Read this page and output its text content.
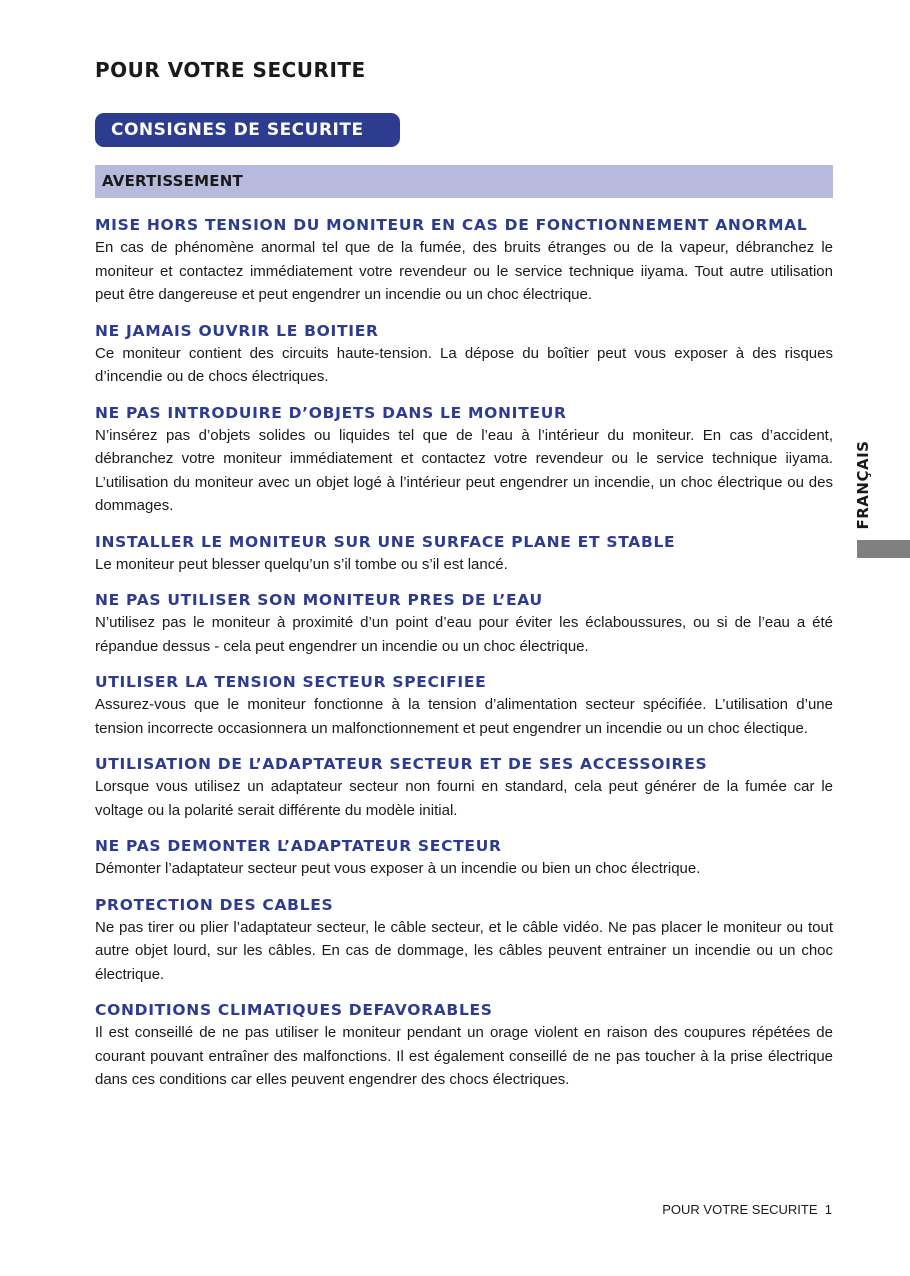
POUR VOTRE SECURITE
CONSIGNES DE SECURITE
AVERTISSEMENT
MISE HORS TENSION DU MONITEUR EN CAS DE FONCTIONNEMENT ANORMAL

En cas de phénomène anormal tel que de la fumée, des bruits étranges ou de la vapeur, débranchez le moniteur et contactez immédiatement votre revendeur ou le service technique iiyama. Tout autre utilisation peut être dangereuse et peut engendrer un incendie ou un choc électrique.

NE JAMAIS OUVRIR LE BOITIER

Ce moniteur contient des circuits haute-tension. La dépose du boîtier peut vous exposer à des risques d’incendie ou de chocs électriques.

NE PAS INTRODUIRE D’OBJETS DANS LE MONITEUR

N’insérez pas d’objets solides ou liquides tel que de l’eau à l’intérieur du moniteur. En cas d’accident, débranchez votre moniteur immédiatement et contactez votre revendeur ou le service technique iiyama. L’utilisation du moniteur avec un objet logé à l’intérieur peut engendrer un incendie, un choc électrique ou des dommages.

INSTALLER LE MONITEUR SUR UNE SURFACE PLANE ET STABLE

Le moniteur peut blesser quelqu’un s’il tombe ou s’il est lancé.

NE PAS UTILISER SON MONITEUR PRES DE L’EAU

N’utilisez pas le moniteur à proximité d’un point d’eau pour éviter les éclaboussures, ou si de l’eau a été répandue dessus - cela peut engendrer un incendie ou un choc électrique.

UTILISER LA TENSION SECTEUR SPECIFIEE

Assurez-vous que le moniteur fonctionne à la tension d’alimentation secteur spécifiée. L’utilisation d’une tension incorrecte occasionnera un malfonctionnement et peut engendrer un incendie ou un choc électique.

UTILISATION DE L’ADAPTATEUR SECTEUR ET DE SES ACCESSOIRES

Lorsque vous utilisez un adaptateur secteur non fourni en standard, cela peut générer de la fumée car le voltage ou la polarité serait différente du modèle initial.

NE PAS DEMONTER L’ADAPTATEUR SECTEUR

Démonter l’adaptateur secteur peut vous exposer à un incendie ou bien un choc électrique.

PROTECTION DES CABLES

Ne pas tirer ou plier l’adaptateur secteur, le câble secteur, et le câble vidéo. Ne pas placer le moniteur ou tout autre objet lourd, sur les câbles. En cas de dommage, les câbles peuvent entrainer un incendie ou un choc électrique.

CONDITIONS CLIMATIQUES DEFAVORABLES

Il est conseillé de ne pas utiliser le moniteur pendant un orage violent en raison des coupures répétées de courant pouvant entraîner des malfonctions. Il est également conseillé de ne pas toucher à la prise électrique dans ces conditions car elles peuvent engendrer des chocs électriques.

FRANÇAIS
POUR VOTRE SECURITE 1
